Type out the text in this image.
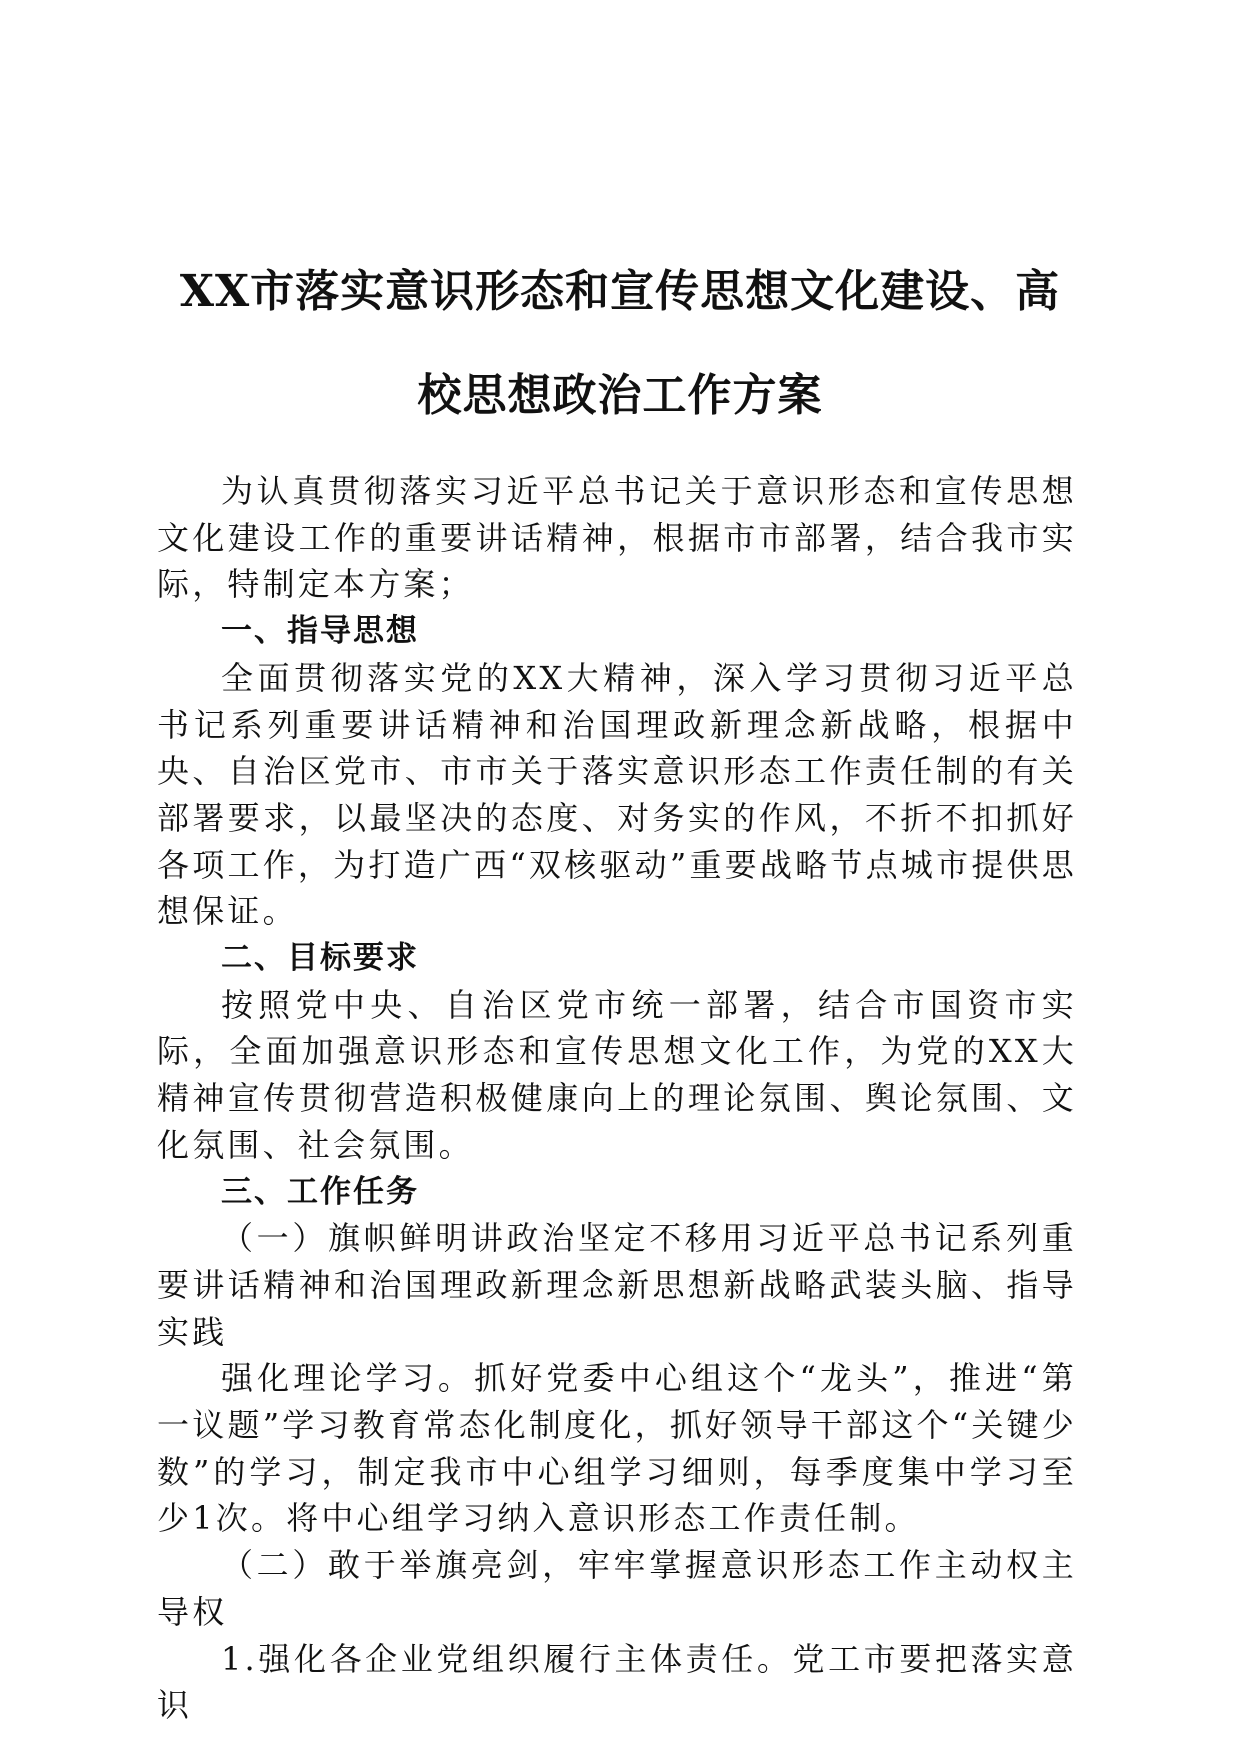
XX市落实意识形态和宣传思想文化建设、高
校思想政治工作方案

为认真贯彻落实习近平总书记关于意识形态和宣传思想文化建设工作的重要讲话精神，根据市市部署，结合我市实际，特制定本方案；

一、指导思想

全面贯彻落实党的XX大精神，深入学习贯彻习近平总书记系列重要讲话精神和治国理政新理念新战略，根据中央、自治区党市、市市关于落实意识形态工作责任制的有关部署要求，以最坚决的态度、对务实的作风，不折不扣抓好各项工作，为打造广西“双核驱动”重要战略节点城市提供思想保证。

二、目标要求

按照党中央、自治区党市统一部署，结合市国资市实际，全面加强意识形态和宣传思想文化工作，为党的XX大精神宣传贯彻营造积极健康向上的理论氛围、舆论氛围、文化氛围、社会氛围。

三、工作任务

（一）旗帜鲜明讲政治坚定不移用习近平总书记系列重要讲话精神和治国理政新理念新思想新战略武装头脑、指导实践

强化理论学习。抓好党委中心组这个“龙头”，推进“第一议题”学习教育常态化制度化，抓好领导干部这个“关键少数”的学习，制定我市中心组学习细则，每季度集中学习至少1次。将中心组学习纳入意识形态工作责任制。

（二）敢于举旗亮剑，牢牢掌握意识形态工作主动权主导权

1.强化各企业党组织履行主体责任。党工市要把落实意识
